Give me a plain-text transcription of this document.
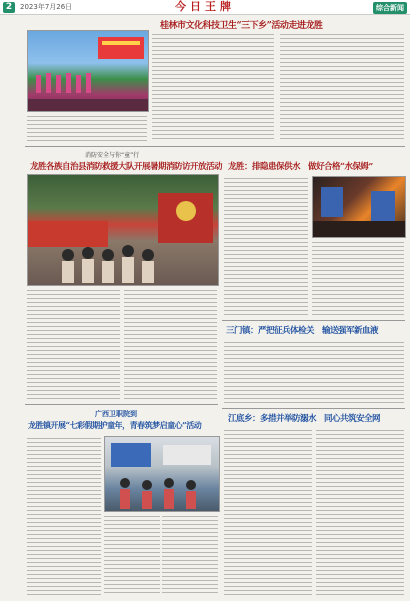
2	2023年7月26日	今日王牌	综合新闻
桂林市文化科技卫生“三下乡”活动走进龙胜
消防安全与你“童”行
龙胜各族自治县消防救援大队开展暑期消防访开放活动 龙胜：排隐患保供水　做好合格“水保姆”
三门镇：严把征兵体检关　输送强军新血液
广西卫职院到
龙胜镇开展“七彩假期护童年，青春筑梦启童心”活动
江底乡：多措并举防溺水　同心共筑安全网
